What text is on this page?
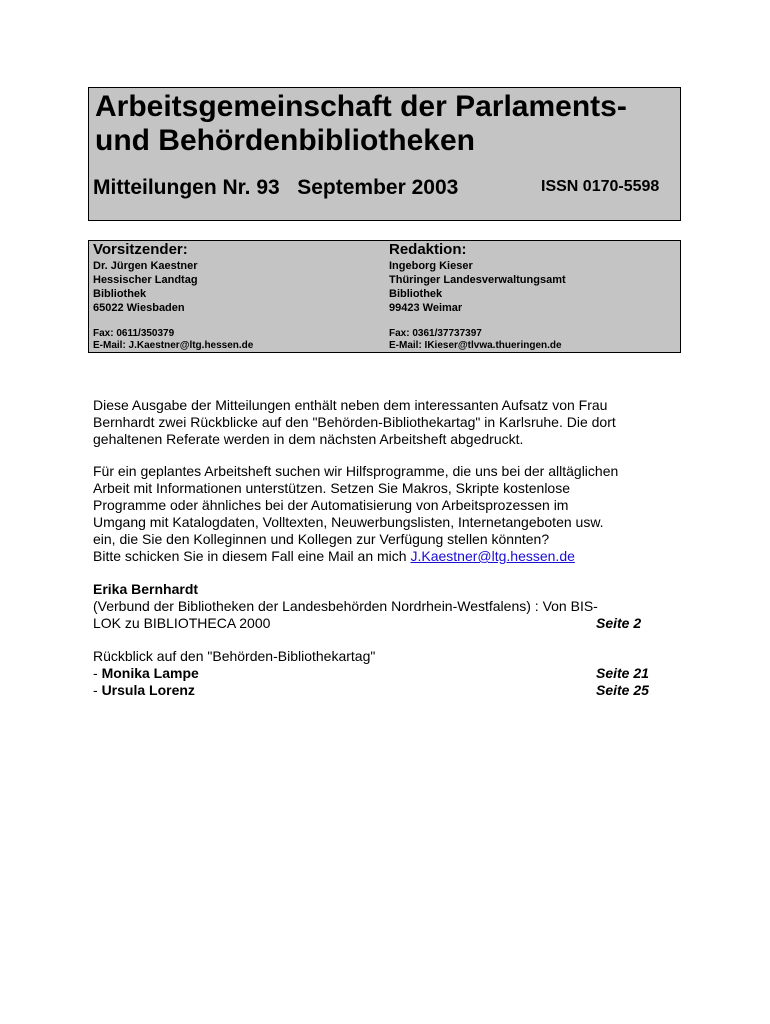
Arbeitsgemeinschaft der Parlaments-
und Behördenbibliotheken
Mitteilungen Nr. 93 September 2003	ISSN 0170-5598
Vorsitzender:
Dr. Jürgen Kaestner
Hessischer Landtag
Bibliothek
65022 Wiesbaden
Fax: 0611/350379
E-Mail: J.Kaestner@ltg.hessen.de
Redaktion:
Ingeborg Kieser
Thüringer Landesverwaltungsamt
Bibliothek
99423 Weimar
Fax: 0361/37737397
E-Mail: IKieser@tlvwa.thueringen.de
Diese Ausgabe der Mitteilungen enthält neben dem interessanten Aufsatz von Frau
Bernhardt zwei Rückblicke auf den "Behörden-Bibliothekartag" in Karlsruhe. Die dort
gehaltenen Referate werden in dem nächsten Arbeitsheft abgedruckt.
Für ein geplantes Arbeitsheft suchen wir Hilfsprogramme, die uns bei der alltäglichen
Arbeit mit Informationen unterstützen. Setzen Sie Makros, Skripte kostenlose
Programme oder ähnliches bei der Automatisierung von Arbeitsprozessen im
Umgang mit Katalogdaten, Volltexten, Neuwerbungslisten, Internetangeboten usw.
ein, die Sie den Kolleginnen und Kollegen zur Verfügung stellen könnten?
Bitte schicken Sie in diesem Fall eine Mail an mich J.Kaestner@ltg.hessen.de
Erika Bernhardt
(Verbund der Bibliotheken der Landesbehörden Nordrhein-Westfalens) : Von BIS-
LOK zu BIBLIOTHECA 2000	Seite 2
Rückblick auf den "Behörden-Bibliothekartag"
- Monika Lampe	Seite 21
- Ursula Lorenz	Seite 25
